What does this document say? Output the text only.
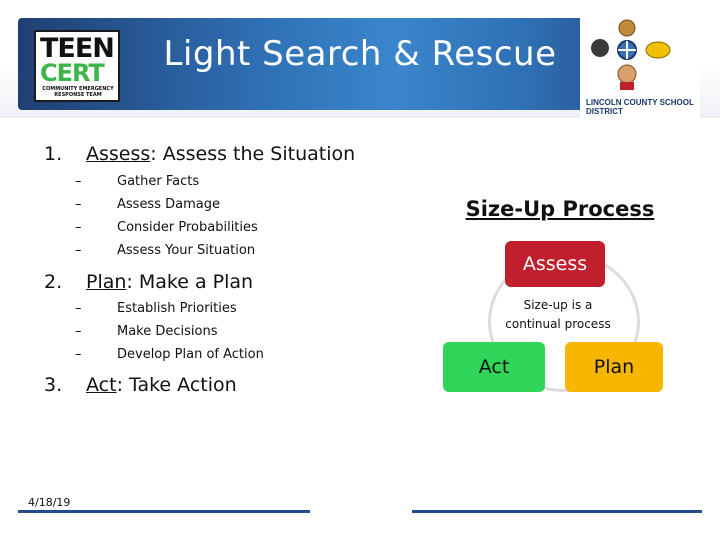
Light Search & Rescue
TEEN
CERT
COMMUNITY EMERGENCY RESPONSE TEAM
LINCOLN COUNTY SCHOOL DISTRICT
1. Assess: Assess the Situation
–	Gather Facts
–	Assess Damage
–	Consider Probabilities
–	Assess Your Situation
2. Plan: Make a Plan
–	Establish Priorities
–	Make Decisions
–	Develop Plan of Action
3. Act: Take Action
Size-Up Process
Assess
Size-up is a
continual process
Act	Plan
4/18/19
